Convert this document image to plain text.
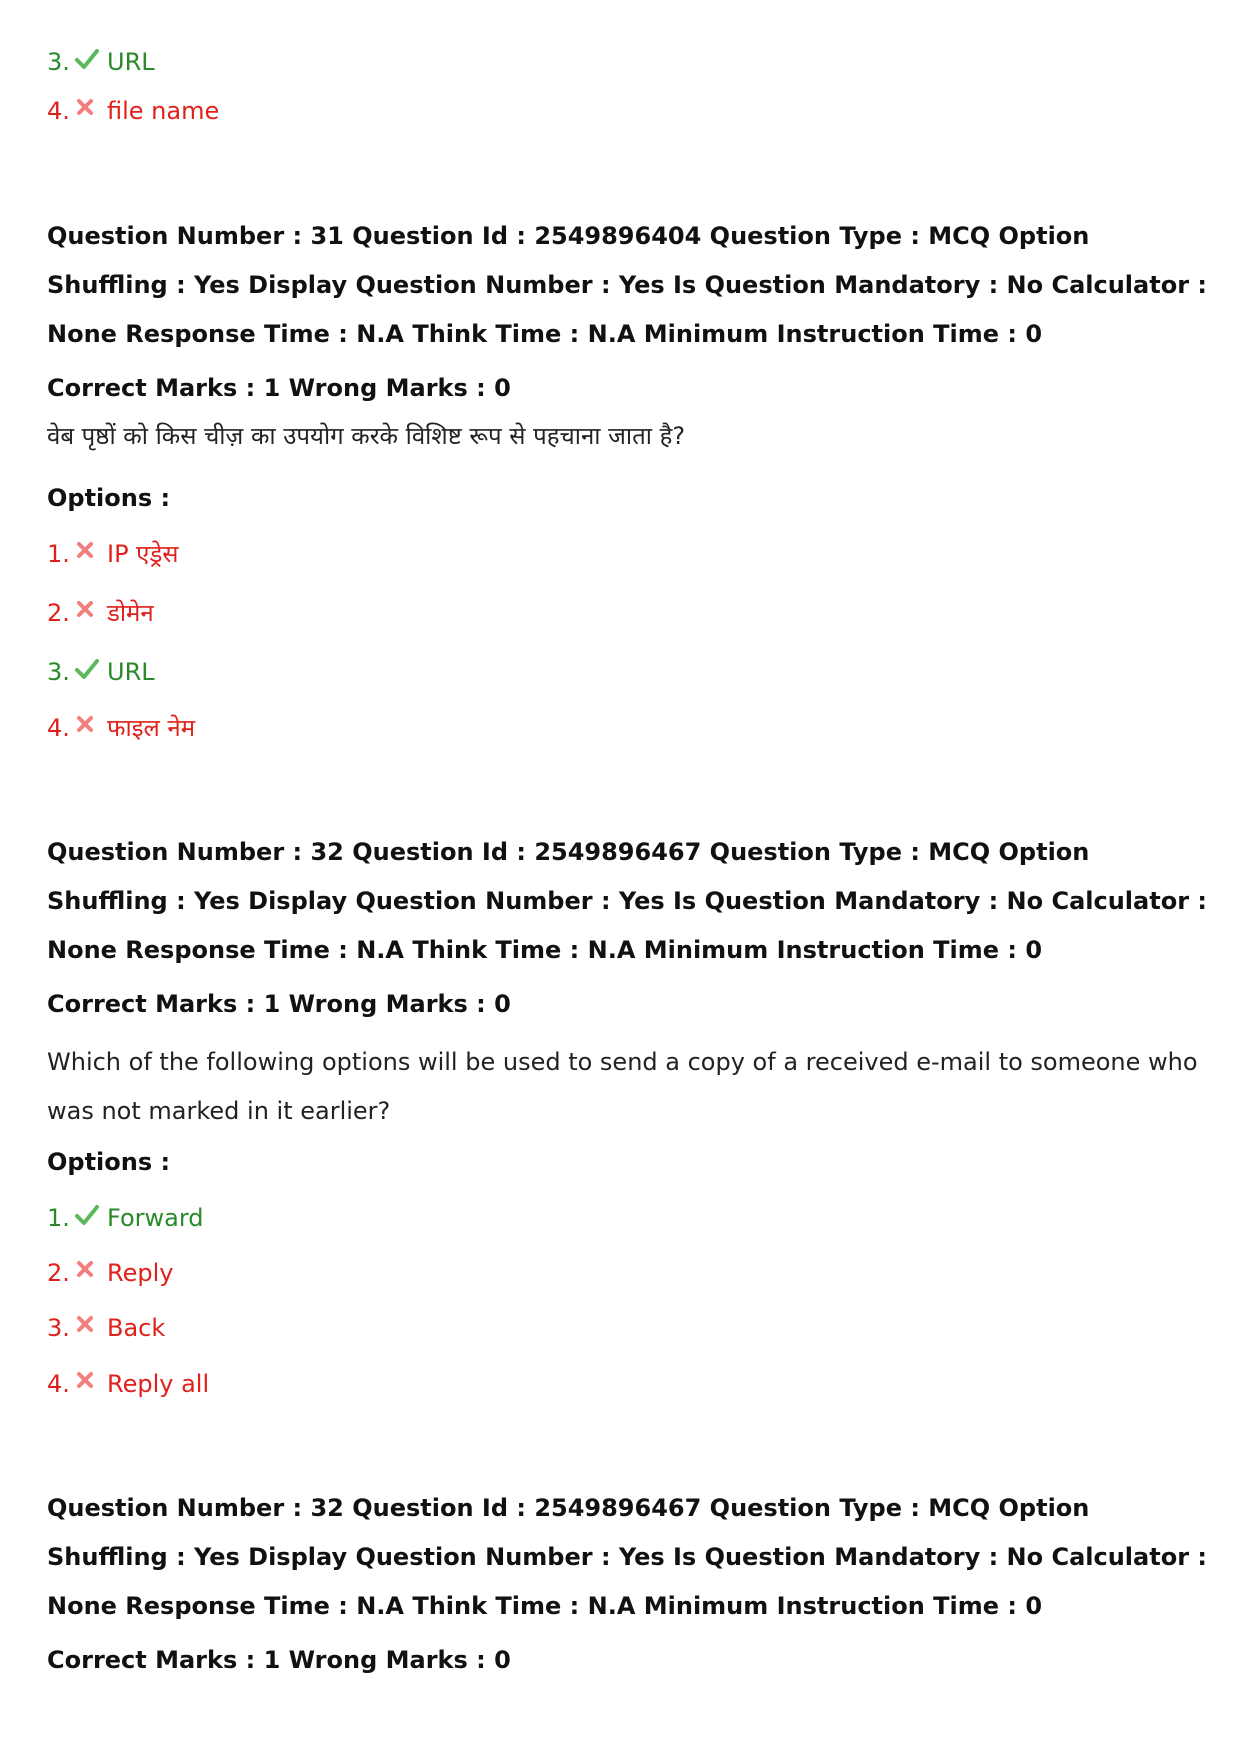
3. URL
4. file name
Question Number : 31 Question Id : 2549896404 Question Type : MCQ Option Shuffling : Yes Display Question Number : Yes Is Question Mandatory : No Calculator : None Response Time : N.A Think Time : N.A Minimum Instruction Time : 0
Correct Marks : 1 Wrong Marks : 0
वेब पृष्ठों को किस चीज़ का उपयोग करके विशिष्ट रूप से पहचाना जाता है?
Options :
1. IP एड्रेस
2. डोमेन
3. URL
4. फाइल नेम
Question Number : 32 Question Id : 2549896467 Question Type : MCQ Option Shuffling : Yes Display Question Number : Yes Is Question Mandatory : No Calculator : None Response Time : N.A Think Time : N.A Minimum Instruction Time : 0
Correct Marks : 1 Wrong Marks : 0
Which of the following options will be used to send a copy of a received e-mail to someone who was not marked in it earlier?
Options :
1. Forward
2. Reply
3. Back
4. Reply all
Question Number : 32 Question Id : 2549896467 Question Type : MCQ Option Shuffling : Yes Display Question Number : Yes Is Question Mandatory : No Calculator : None Response Time : N.A Think Time : N.A Minimum Instruction Time : 0
Correct Marks : 1 Wrong Marks : 0
